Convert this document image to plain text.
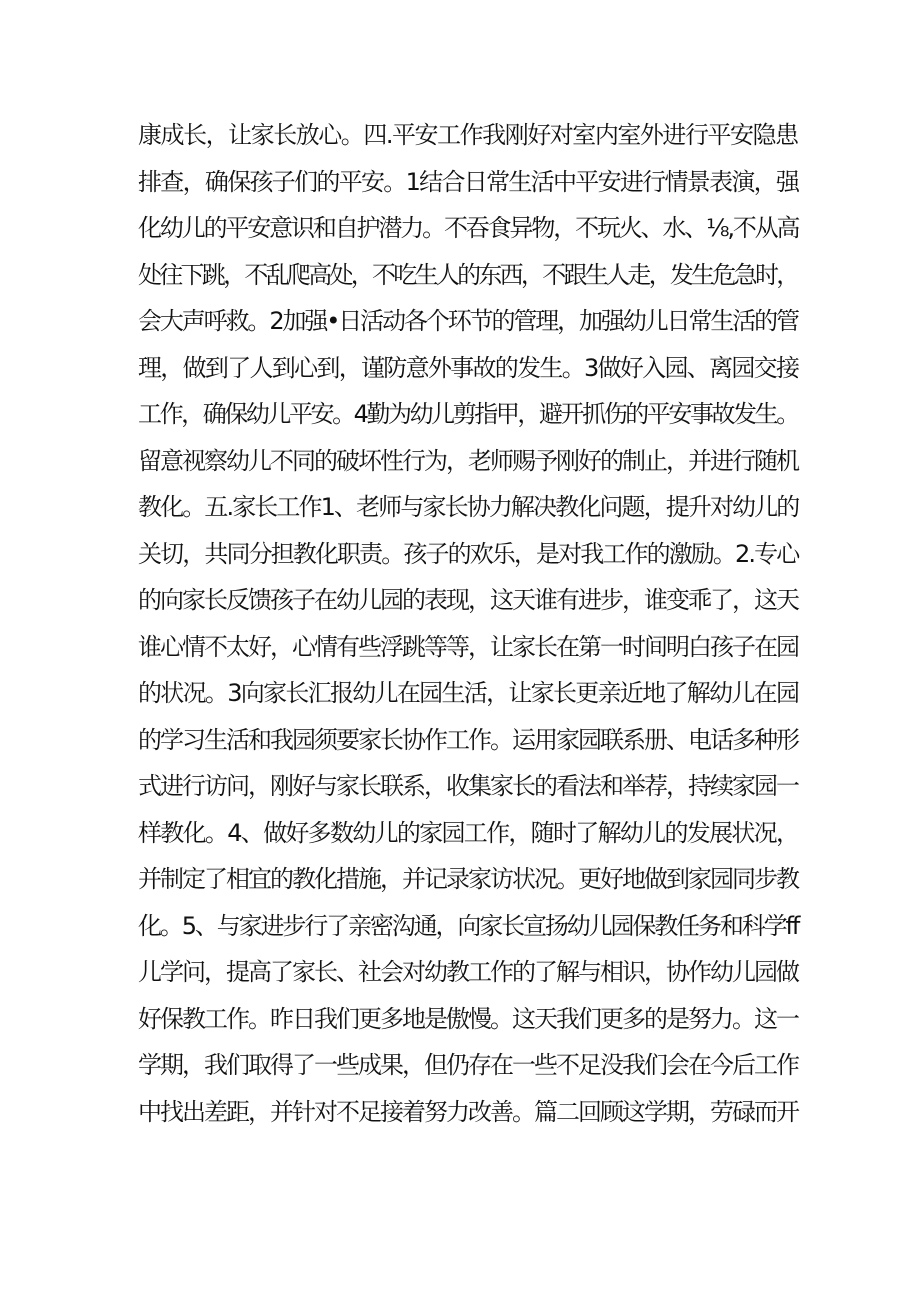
康成长，让家长放心。四.平安工作我刚好对室内室外进行平安隐患
排查，确保孩子们的平安。1结合日常生活中平安进行情景表演，强
化幼儿的平安意识和自护潜力。不吞食异物，不玩火、水、⅛,不从高
处往下跳，不乱爬高处，不吃生人的东西，不跟生人走，发生危急时，
会大声呼救。2加强•日活动各个环节的管理，加强幼儿日常生活的管
理，做到了人到心到，谨防意外事故的发生。3做好入园、离园交接
工作，确保幼儿平安。4勤为幼儿剪指甲，避开抓伤的平安事故发生。
留意视察幼儿不同的破坏性行为，老师赐予刚好的制止，并进行随机
教化。五.家长工作1、老师与家长协力解决教化问题，提升对幼儿的
关切，共同分担教化职责。孩子的欢乐，是对我工作的激励。2.专心
的向家长反馈孩子在幼儿园的表现，这天谁有进步，谁变乖了，这天
谁心情不太好，心情有些浮跳等等，让家长在第一时间明白孩子在园
的状况。3向家长汇报幼儿在园生活，让家长更亲近地了解幼儿在园
的学习生活和我园须要家长协作工作。运用家园联系册、电话多种形
式进行访问，刚好与家长联系，收集家长的看法和举荐，持续家园一
样教化。4、做好多数幼儿的家园工作，随时了解幼儿的发展状况，
并制定了相宜的教化措施，并记录家访状况。更好地做到家园同步教
化。5、与家进步行了亲密沟通，向家长宣扬幼儿园保教任务和科学ff
儿学问，提高了家长、社会对幼教工作的了解与相识，协作幼儿园做
好保教工作。昨日我们更多地是傲慢。这天我们更多的是努力。这一
学期，我们取得了一些成果，但仍存在一些不足没我们会在今后工作
中找出差距，并针对不足接着努力改善。篇二回顾这学期，劳碌而开
